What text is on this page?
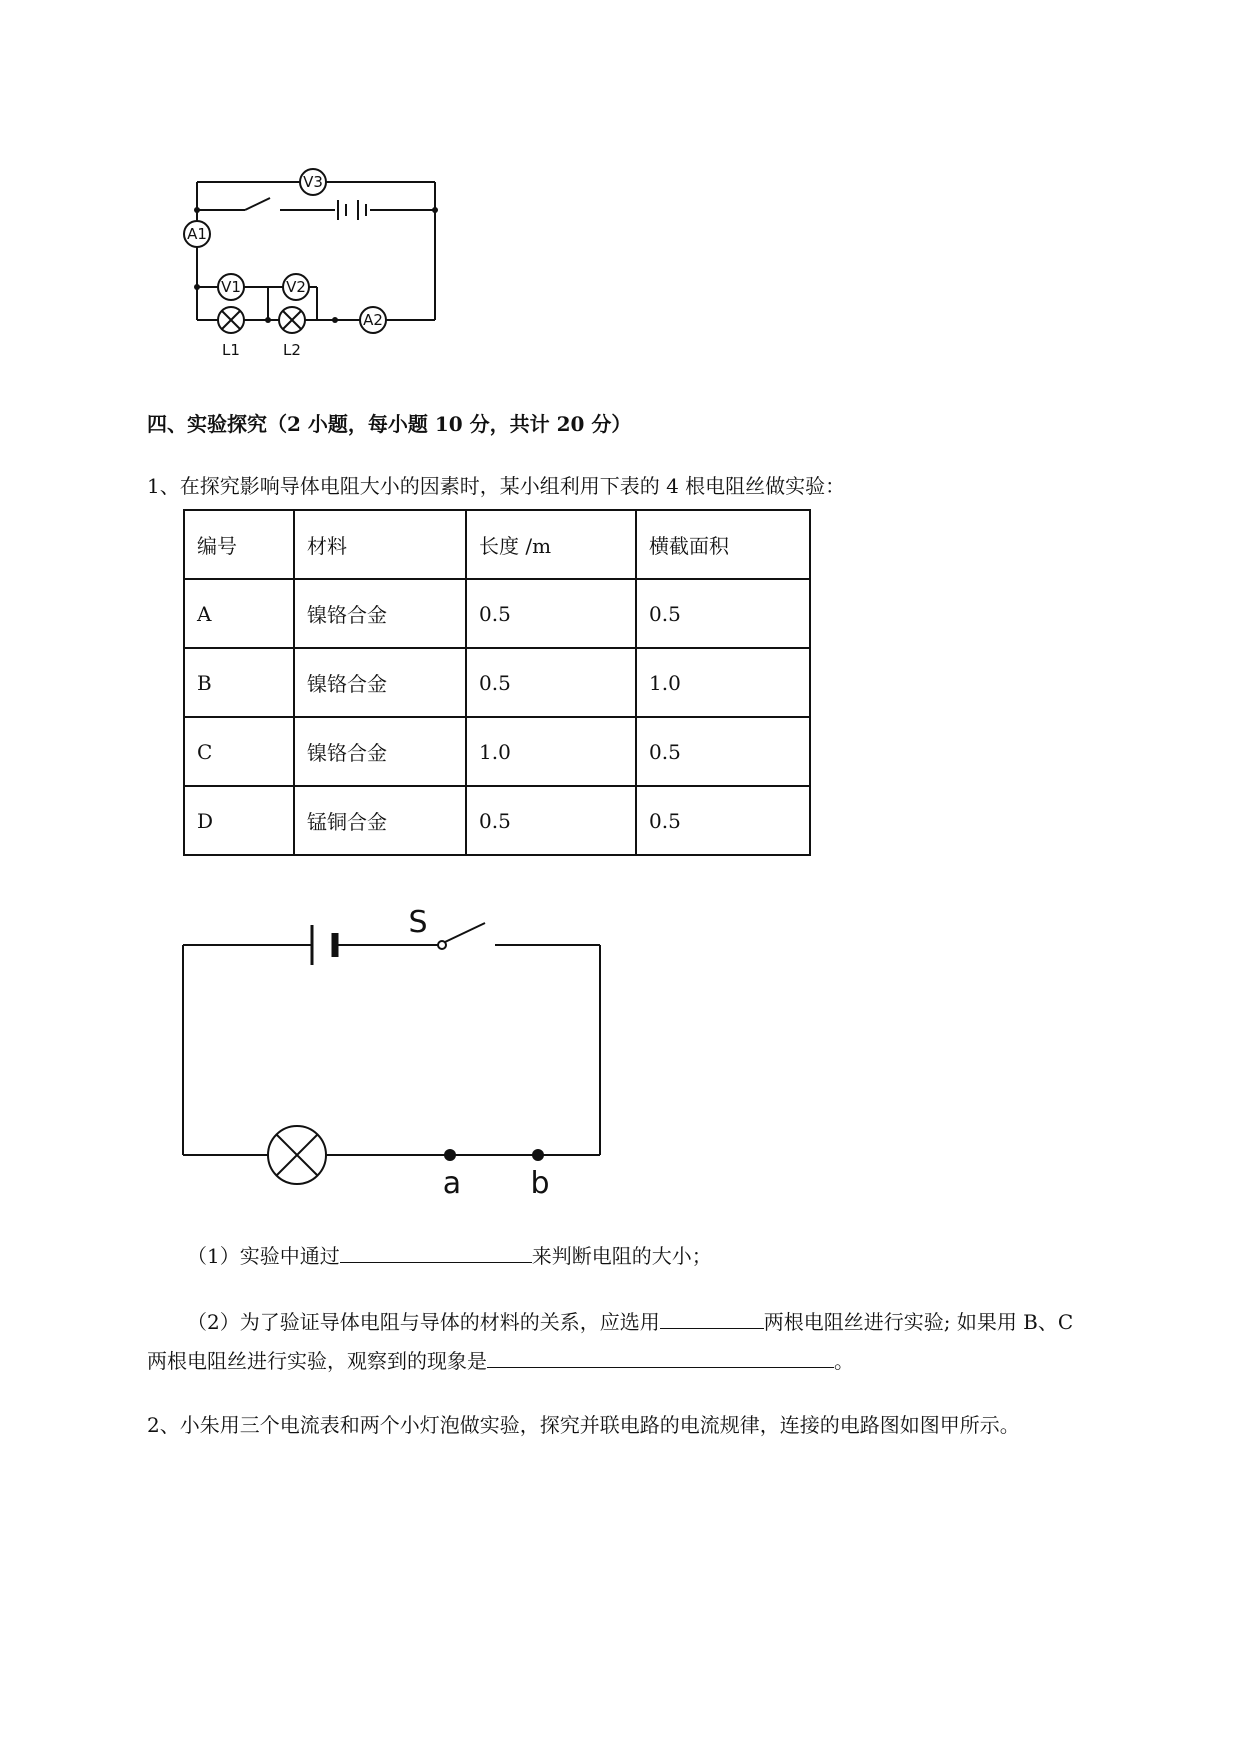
V3
A1
V1	V2
A2
L1	L2
四、实验探究（2 小题，每小题 10 分，共计 20 分）
1、在探究影响导体电阻大小的因素时，某小组利用下表的 4 根电阻丝做实验：
编号	材料	长度 /m	横截面积
A	镍铬合金	0.5	0.5
B	镍铬合金	0.5	1.0
C	镍铬合金	1.0	0.5
D	锰铜合金	0.5	0.5
S
a b
（1）实验中通过	来判断电阻的大小；
（2）为了验证导体电阻与导体的材料的关系，应选用	两根电阻丝进行实验; 如果用 B、C
两根电阻丝进行实验，观察到的现象是	。
2、小朱用三个电流表和两个小灯泡做实验，探究并联电路的电流规律，连接的电路图如图甲所示。
